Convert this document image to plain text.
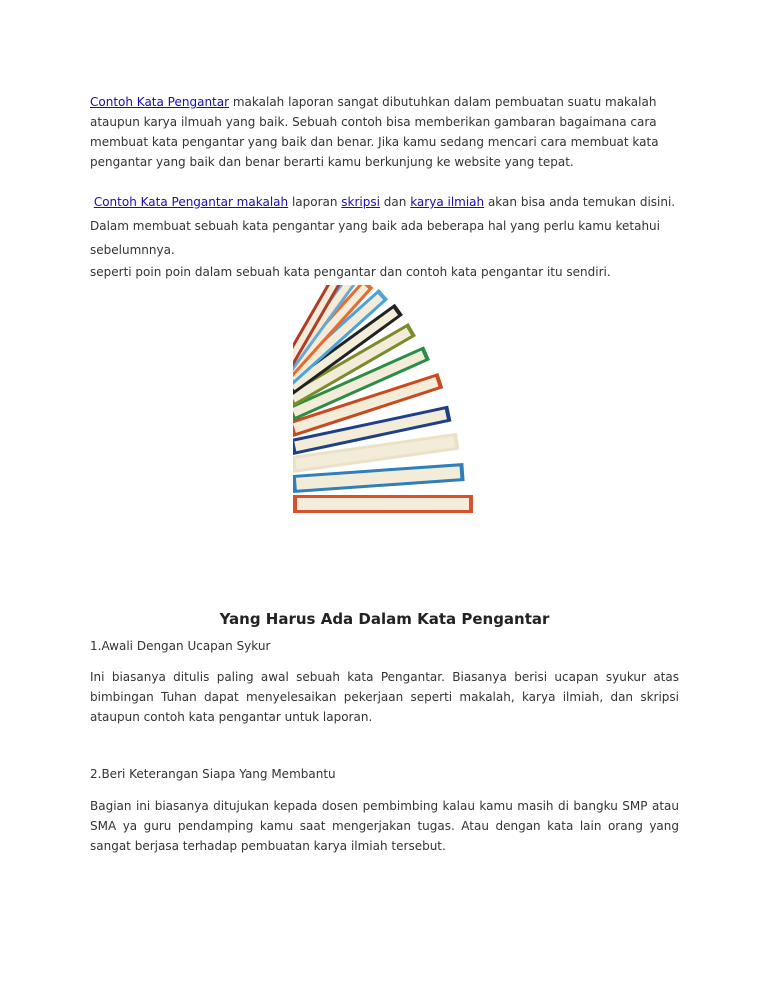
Contoh Kata Pengantar makalah laporan sangat dibutuhkan dalam pembuatan suatu makalah ataupun karya ilmuah yang baik. Sebuah contoh bisa memberikan gambaran bagaimana cara membuat kata pengantar yang baik dan benar. Jika kamu sedang mencari cara membuat kata pengantar yang baik dan benar berarti kamu berkunjung ke website yang tepat.

Contoh Kata Pengantar makalah laporan skripsi dan karya ilmiah akan bisa anda temukan disini.

Dalam membuat sebuah kata pengantar yang baik ada beberapa hal yang perlu kamu ketahui sebelumnnya.

seperti poin poin dalam sebuah kata pengantar dan contoh kata pengantar itu sendiri.

Yang Harus Ada Dalam Kata Pengantar

1.Awali Dengan Ucapan Sykur

Ini biasanya ditulis paling awal sebuah kata Pengantar. Biasanya berisi ucapan syukur atas bimbingan Tuhan dapat menyelesaikan pekerjaan seperti makalah, karya ilmiah, dan skripsi ataupun contoh kata pengantar untuk laporan.

2.Beri Keterangan Siapa Yang Membantu

Bagian ini biasanya ditujukan kepada dosen pembimbing kalau kamu masih di bangku SMP atau SMA ya guru pendamping kamu saat mengerjakan tugas. Atau dengan kata lain orang yang sangat berjasa terhadap pembuatan karya ilmiah tersebut.
